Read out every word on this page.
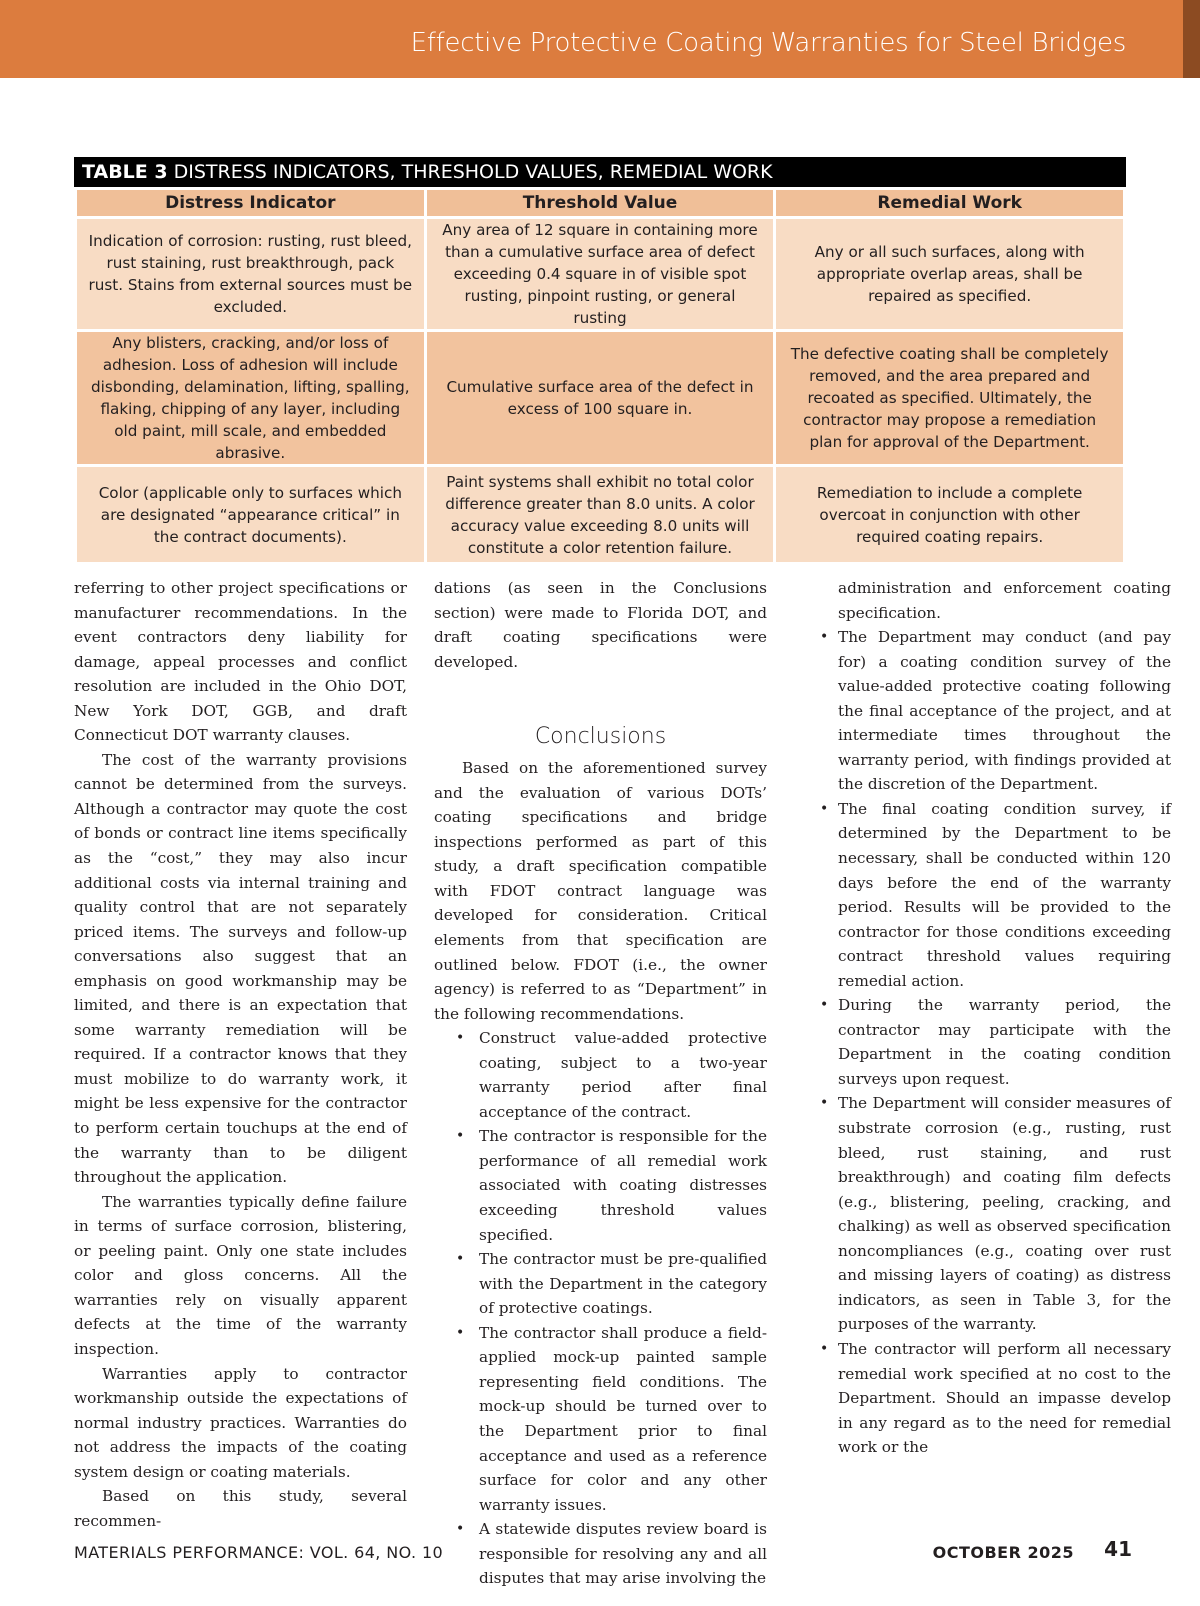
Effective Protective Coating Warranties for Steel Bridges
TABLE 3 DISTRESS INDICATORS, THRESHOLD VALUES, REMEDIAL WORK
Distress Indicator	Threshold Value	Remedial Work
Indication of corrosion: rusting, rust bleed, rust staining, rust breakthrough, pack rust. Stains from external sources must be excluded.	Any area of 12 square in containing more than a cumulative surface area of defect exceeding 0.4 square in of visible spot rusting, pinpoint rusting, or general rusting	Any or all such surfaces, along with appropriate overlap areas, shall be repaired as specified.
Any blisters, cracking, and/or loss of adhesion. Loss of adhesion will include disbonding, delamination, lifting, spalling, flaking, chipping of any layer, including old paint, mill scale, and embedded abrasive.	Cumulative surface area of the defect in excess of 100 square in.	The defective coating shall be completely removed, and the area prepared and recoated as specified. Ultimately, the contractor may propose a remediation plan for approval of the Department.
Color (applicable only to surfaces which are designated “appearance critical” in the contract documents).	Paint systems shall exhibit no total color difference greater than 8.0 units. A color accuracy value exceeding 8.0 units will constitute a color retention failure.	Remediation to include a complete overcoat in conjunction with other required coating repairs.

referring to other project specifications or manufacturer recommendations. In the event contractors deny liability for damage, appeal processes and conflict resolution are included in the Ohio DOT, New York DOT, GGB, and draft Connecticut DOT warranty clauses.

The cost of the warranty provisions cannot be determined from the surveys. Although a contractor may quote the cost of bonds or contract line items specifically as the “cost,” they may also incur additional costs via internal training and quality control that are not separately priced items. The surveys and follow-up conversations also suggest that an emphasis on good workmanship may be limited, and there is an expectation that some warranty remediation will be required. If a contractor knows that they must mobilize to do warranty work, it might be less expensive for the contractor to perform certain touchups at the end of the warranty than to be diligent throughout the application.

The warranties typically define failure in terms of surface corrosion, blistering, or peeling paint. Only one state includes color and gloss concerns. All the warranties rely on visually apparent defects at the time of the warranty inspection.

Warranties apply to contractor workmanship outside the expectations of normal industry practices. Warranties do not address the impacts of the coating system design or coating materials.

Based on this study, several recommen-

dations (as seen in the Conclusions section) were made to Florida DOT, and draft coating specifications were developed.

Conclusions

Based on the aforementioned survey and the evaluation of various DOTs’ coating specifications and bridge inspections performed as part of this study, a draft specification compatible with FDOT contract language was developed for consideration. Critical elements from that specification are outlined below. FDOT (i.e., the owner agency) is referred to as “Department” in the following recommendations.

• Construct value-added protective coating, subject to a two-year warranty period after final acceptance of the contract.
• The contractor is responsible for the performance of all remedial work associated with coating distresses exceeding threshold values specified.
• The contractor must be pre-qualified with the Department in the category of protective coatings.
• The contractor shall produce a field-applied mock-up painted sample representing field conditions. The mock-up should be turned over to the Department prior to final acceptance and used as a reference surface for color and any other warranty issues.
• A statewide disputes review board is responsible for resolving any and all disputes that may arise involving the

administration and enforcement coating specification.

• The Department may conduct (and pay for) a coating condition survey of the value-added protective coating following the final acceptance of the project, and at intermediate times throughout the warranty period, with findings provided at the discretion of the Department.
• The final coating condition survey, if determined by the Department to be necessary, shall be conducted within 120 days before the end of the warranty period. Results will be provided to the contractor for those conditions exceeding contract threshold values requiring remedial action.
• During the warranty period, the contractor may participate with the Department in the coating condition surveys upon request.
• The Department will consider measures of substrate corrosion (e.g., rusting, rust bleed, rust staining, and rust breakthrough) and coating film defects (e.g., blistering, peeling, cracking, and chalking) as well as observed specification noncompliances (e.g., coating over rust and missing layers of coating) as distress indicators, as seen in Table 3, for the purposes of the warranty.
• The contractor will perform all necessary remedial work specified at no cost to the Department. Should an impasse develop in any regard as to the need for remedial work or the
MATERIALS PERFORMANCE: VOL. 64, NO. 10	OCTOBER 2025 41
